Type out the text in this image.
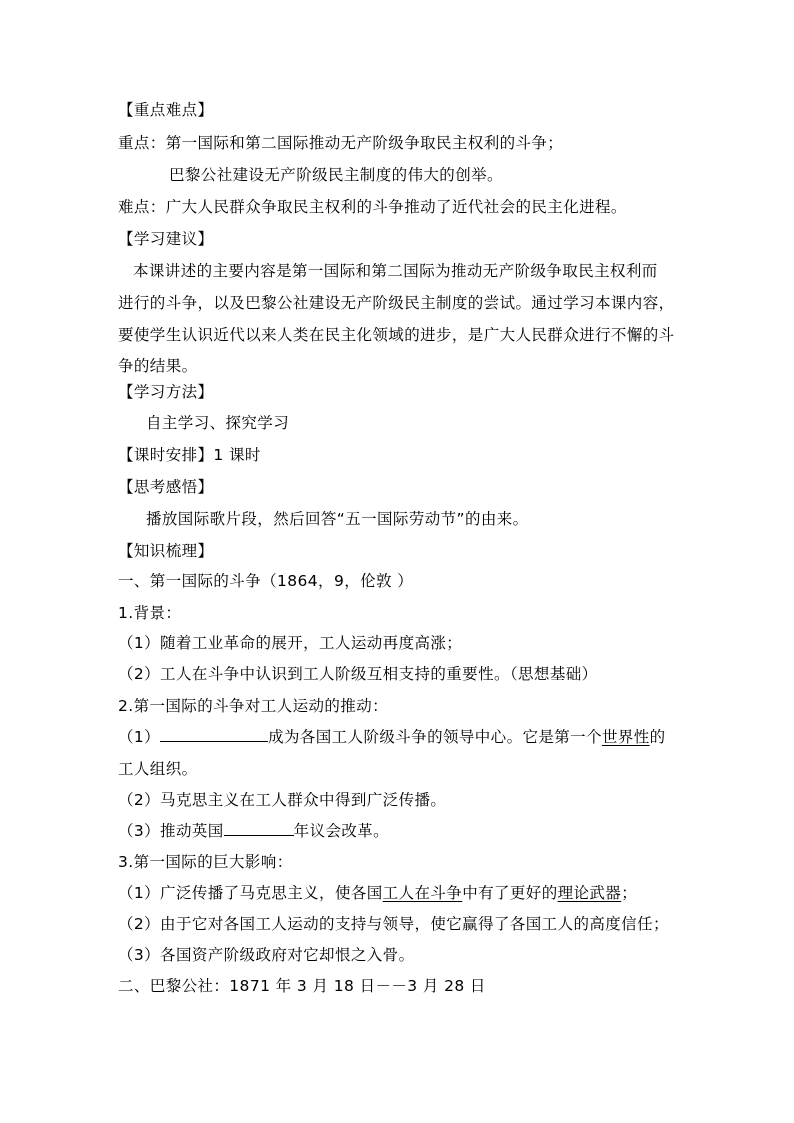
【重点难点】
重点：第一国际和第二国际推动无产阶级争取民主权利的斗争；
巴黎公社建设无产阶级民主制度的伟大的创举。
难点：广大人民群众争取民主权利的斗争推动了近代社会的民主化进程。
【学习建议】
本课讲述的主要内容是第一国际和第二国际为推动无产阶级争取民主权利而
进行的斗争，以及巴黎公社建设无产阶级民主制度的尝试。通过学习本课内容，
要使学生认识近代以来人类在民主化领域的进步，是广大人民群众进行不懈的斗
争的结果。
【学习方法】
自主学习、探究学习
【课时安排】1 课时
【思考感悟】
播放国际歌片段，然后回答“五一国际劳动节”的由来。
【知识梳理】
一、第一国际的斗争（1864，9，伦敦 ）
1.背景：
（1）随着工业革命的展开，工人运动再度高涨；
（2）工人在斗争中认识到工人阶级互相支持的重要性。（思想基础）
2.第一国际的斗争对工人运动的推动：
（1）	成为各国工人阶级斗争的领导中心。它是第一个世界性的
工人组织。
（2）马克思主义在工人群众中得到广泛传播。
（3）推动英国	年议会改革。
3.第一国际的巨大影响：
（1）广泛传播了马克思主义，使各国工人在斗争中有了更好的理论武器；
（2）由于它对各国工人运动的支持与领导，使它赢得了各国工人的高度信任；
（3）各国资产阶级政府对它却恨之入骨。
二、巴黎公社：1871 年 3 月 18 日－－3 月 28 日
